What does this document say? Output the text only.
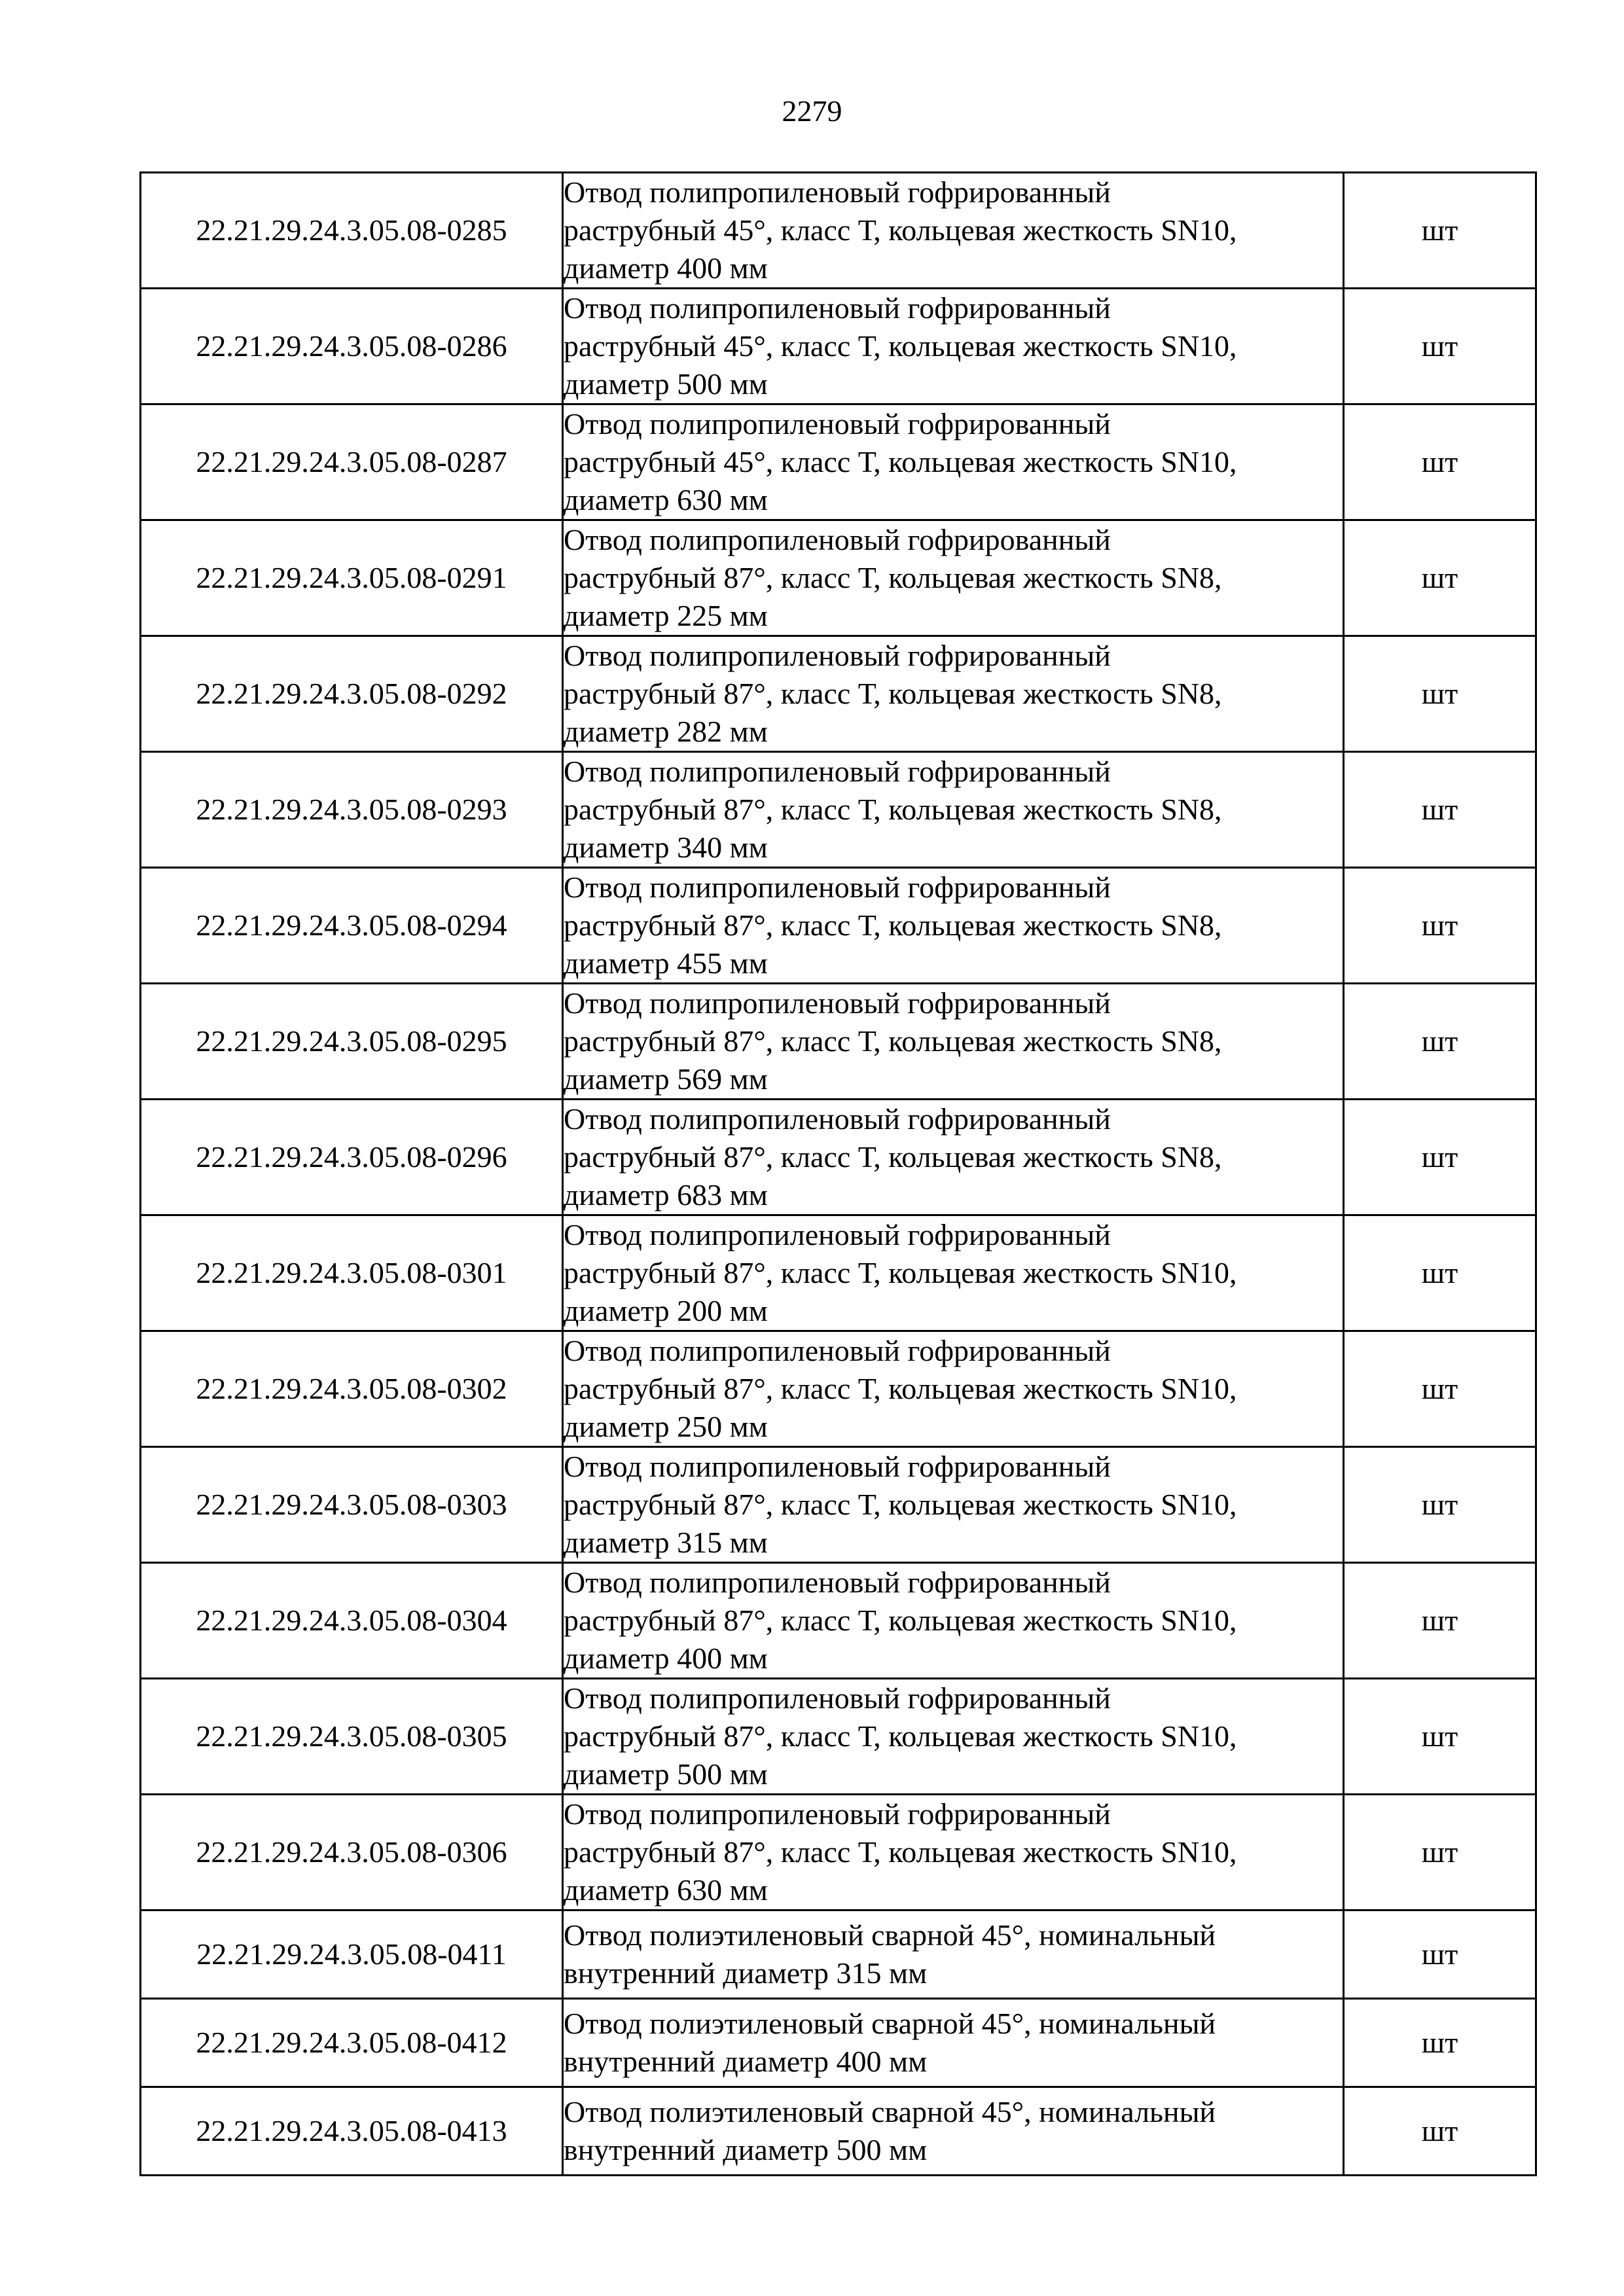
2279
22.21.29.24.3.05.08-0285	Отвод полипропиленовый гофрированный
раструбный 45°, класс Т, кольцевая жесткость SN10,
диаметр 400 мм	шт
22.21.29.24.3.05.08-0286	Отвод полипропиленовый гофрированный
раструбный 45°, класс Т, кольцевая жесткость SN10,
диаметр 500 мм	шт
22.21.29.24.3.05.08-0287	Отвод полипропиленовый гофрированный
раструбный 45°, класс Т, кольцевая жесткость SN10,
диаметр 630 мм	шт
22.21.29.24.3.05.08-0291	Отвод полипропиленовый гофрированный
раструбный 87°, класс Т, кольцевая жесткость SN8,
диаметр 225 мм	шт
22.21.29.24.3.05.08-0292	Отвод полипропиленовый гофрированный
раструбный 87°, класс Т, кольцевая жесткость SN8,
диаметр 282 мм	шт
22.21.29.24.3.05.08-0293	Отвод полипропиленовый гофрированный
раструбный 87°, класс Т, кольцевая жесткость SN8,
диаметр 340 мм	шт
22.21.29.24.3.05.08-0294	Отвод полипропиленовый гофрированный
раструбный 87°, класс Т, кольцевая жесткость SN8,
диаметр 455 мм	шт
22.21.29.24.3.05.08-0295	Отвод полипропиленовый гофрированный
раструбный 87°, класс Т, кольцевая жесткость SN8,
диаметр 569 мм	шт
22.21.29.24.3.05.08-0296	Отвод полипропиленовый гофрированный
раструбный 87°, класс Т, кольцевая жесткость SN8,
диаметр 683 мм	шт
22.21.29.24.3.05.08-0301	Отвод полипропиленовый гофрированный
раструбный 87°, класс Т, кольцевая жесткость SN10,
диаметр 200 мм	шт
22.21.29.24.3.05.08-0302	Отвод полипропиленовый гофрированный
раструбный 87°, класс Т, кольцевая жесткость SN10,
диаметр 250 мм	шт
22.21.29.24.3.05.08-0303	Отвод полипропиленовый гофрированный
раструбный 87°, класс Т, кольцевая жесткость SN10,
диаметр 315 мм	шт
22.21.29.24.3.05.08-0304	Отвод полипропиленовый гофрированный
раструбный 87°, класс Т, кольцевая жесткость SN10,
диаметр 400 мм	шт
22.21.29.24.3.05.08-0305	Отвод полипропиленовый гофрированный
раструбный 87°, класс Т, кольцевая жесткость SN10,
диаметр 500 мм	шт
22.21.29.24.3.05.08-0306	Отвод полипропиленовый гофрированный
раструбный 87°, класс Т, кольцевая жесткость SN10,
диаметр 630 мм	шт
22.21.29.24.3.05.08-0411	Отвод полиэтиленовый сварной 45°, номинальный
внутренний диаметр 315 мм	шт
22.21.29.24.3.05.08-0412	Отвод полиэтиленовый сварной 45°, номинальный
внутренний диаметр 400 мм	шт
22.21.29.24.3.05.08-0413	Отвод полиэтиленовый сварной 45°, номинальный
внутренний диаметр 500 мм	шт
